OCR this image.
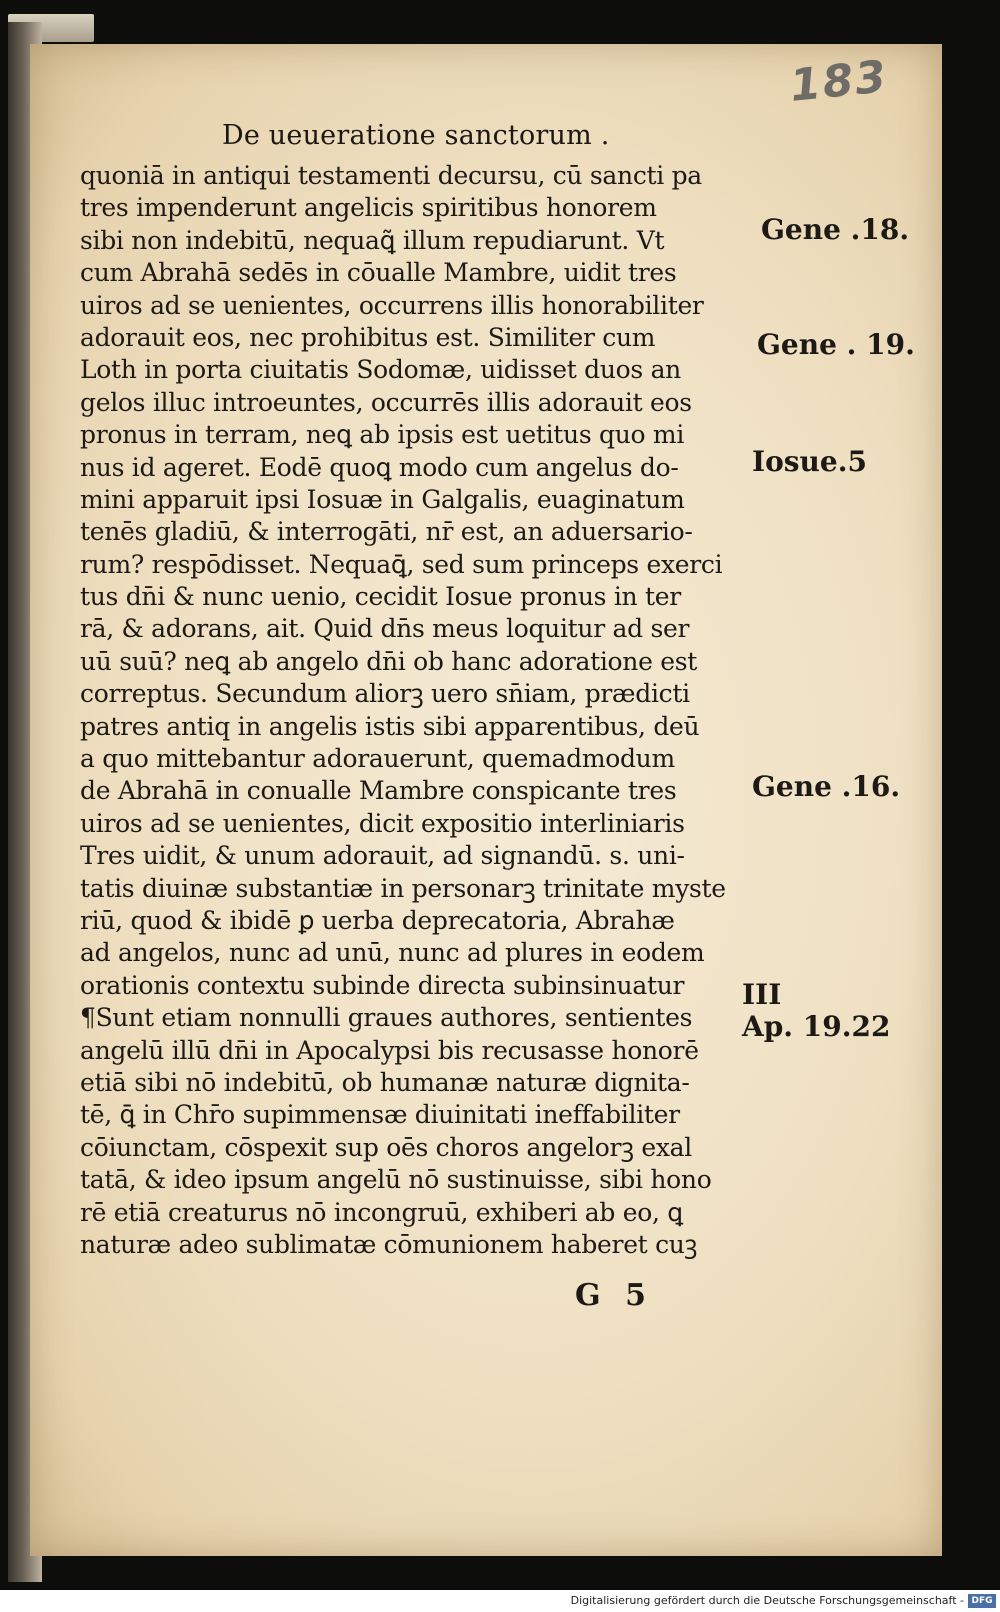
183

De ueueratione sanctorum .
quoniā in antiqui testamenti decursu, cū sancti pa
tres impenderunt angelicis spiritibus honorem
sibi non indebitū, nequaꝗ̃ illum repudiarunt. Vt
cum Abrahā sedēs in cōualle Mambre, uidit tres
uiros ad se uenientes, occurrens illis honorabiliter
adorauit eos, nec prohibitus est. Similiter cum
Loth in porta ciuitatis Sodomæ, uidisset duos an
gelos illuc introeuntes, occurrēs illis adorauit eos
pronus in terram, neꝗ ab ipsis est uetitus quo mi
nus id ageret. Eodē quoꝗ modo cum angelus do-
mini apparuit ipsi Iosuæ in Galgalis, euaginatum
tenēs gladiū, & interrogāti, nr̄ est, an aduersario-
rum? respōdisset. Nequaꝗ̄, sed sum princeps exerci
tus dn̄i & nunc uenio, cecidit Iosue pronus in ter
rā, & adorans, ait. Quid dn̄s meus loquitur ad ser
uū suū? neꝗ ab angelo dn̄i ob hanc adoratione est
correptus. Secundum aliorꝫ uero sn̄iam, prædicti
patres antiq in angelis istis sibi apparentibus, deū
a quo mittebantur adorauerunt, quemadmodum
de Abrahā in conualle Mambre conspicante tres
uiros ad se uenientes, dicit expositio interliniaris
Tres uidit, & unum adorauit, ad signandū. s. uni-
tatis diuinæ substantiæ in personarꝫ trinitate myste
riū, quod & ibidē ꝑ uerba deprecatoria, Abrahæ
ad angelos, nunc ad unū, nunc ad plures in eodem
orationis contextu subinde directa subinsinuatur
¶Sunt etiam nonnulli graues authores, sentientes
angelū illū dn̄i in Apocalypsi bis recusasse honorē
etiā sibi nō indebitū, ob humanæ naturæ dignita-
tē, ꝗ̄ in Chr̄o supimmensæ diuinitati ineffabiliter
cōiunctam, cōspexit sup oēs choros angelorꝫ exal
tatā, & ideo ipsum angelū nō sustinuisse, sibi hono
rē etiā creaturus nō incongruū, exhiberi ab eo, ꝗ
naturæ adeo sublimatæ cōmunionem haberet cuꝫ

Gene .18.

Gene . 19.

Iosue.5

Gene .16.

III

Ap. 19.22

G 5

Digitalisierung gefördert durch die Deutsche Forschungsgemeinschaft - DFG
